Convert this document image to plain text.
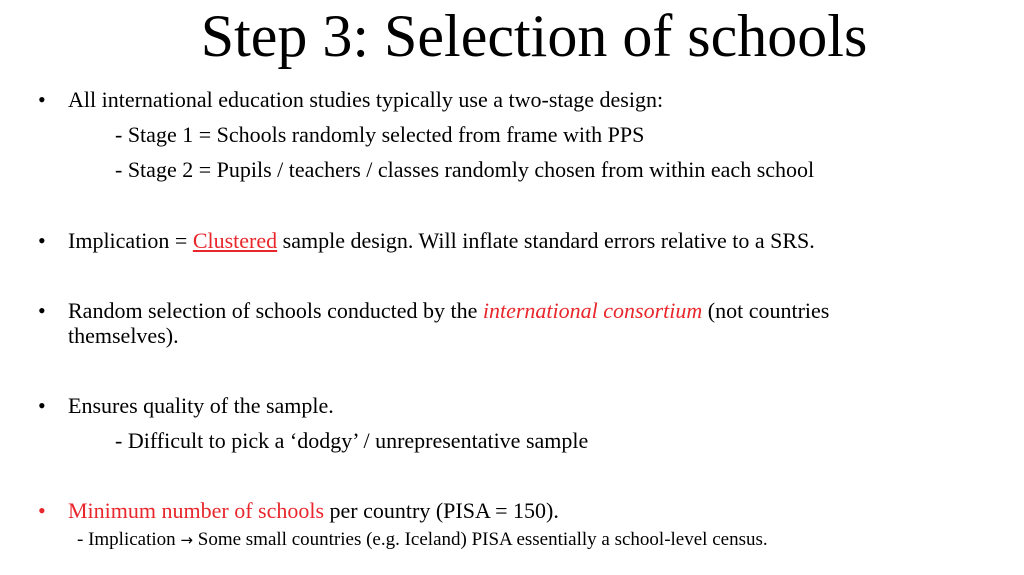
Step 3: Selection of schools
• All international education studies typically use a two-stage design:
- Stage 1 = Schools randomly selected from frame with PPS
- Stage 2 = Pupils / teachers / classes randomly chosen from within each school
• Implication = Clustered sample design. Will inflate standard errors relative to a SRS.
• Random selection of schools conducted by the international consortium (not countries
themselves).
• Ensures quality of the sample.
- Difficult to pick a ‘dodgy’ / unrepresentative sample
• Minimum number of schools per country (PISA = 150).
- Implication → Some small countries (e.g. Iceland) PISA essentially a school-level census.
